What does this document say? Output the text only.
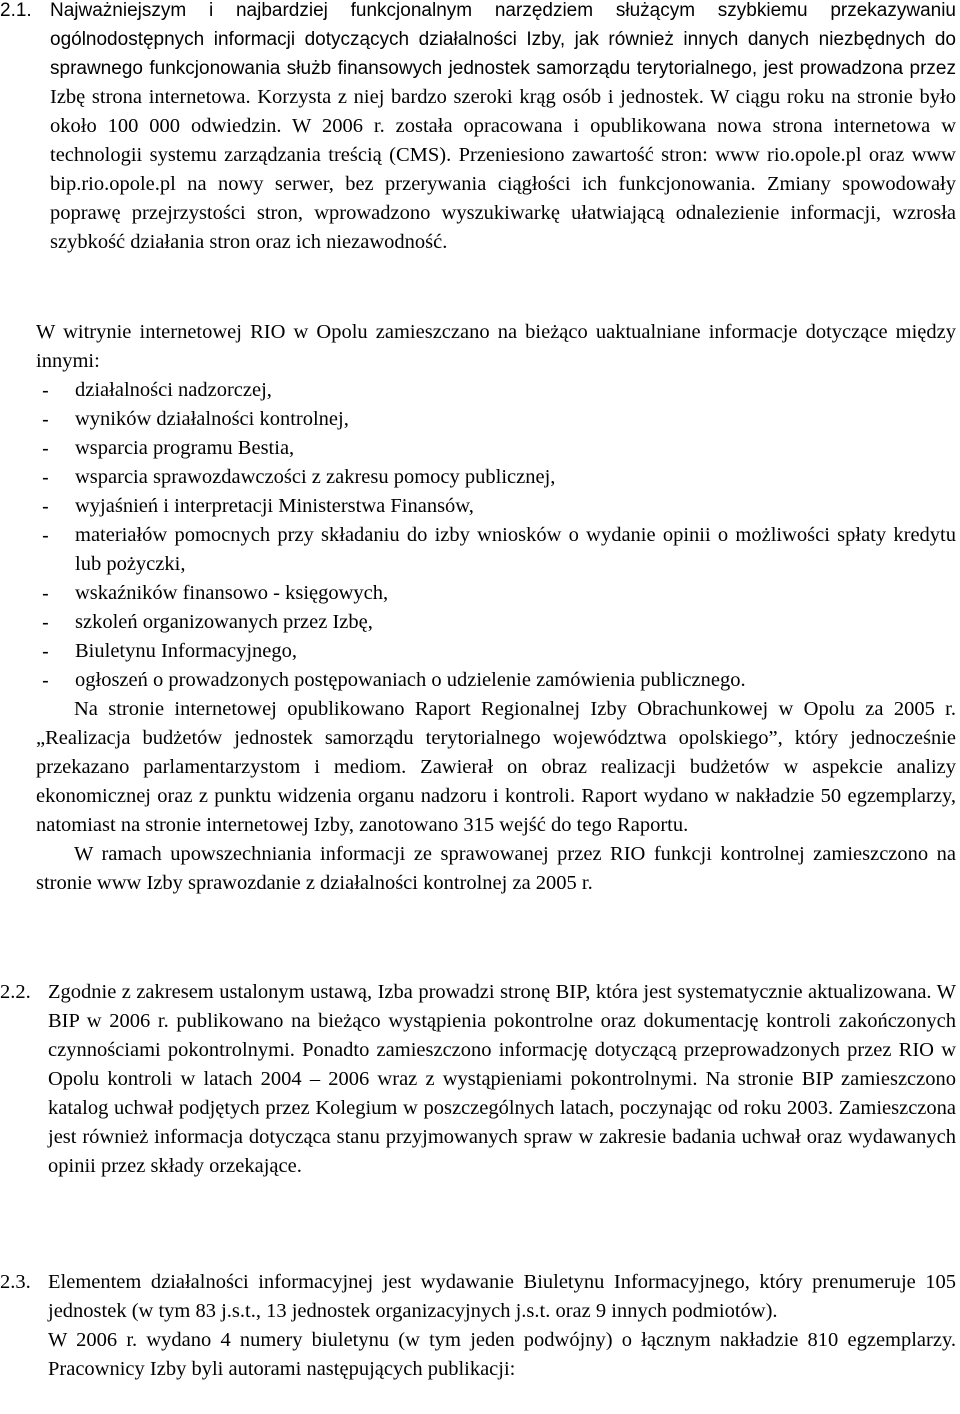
2.1. Najważniejszym i najbardziej funkcjonalnym narzędziem służącym szybkiemu przekazywaniu ogólnodostępnych informacji dotyczących działalności Izby, jak również innych danych niezbędnych do sprawnego funkcjonowania służb finansowych jednostek samorządu terytorialnego, jest prowadzona przez Izbę strona internetowa. Korzysta z niej bardzo szeroki krąg osób i jednostek. W ciągu roku na stronie było około 100 000 odwiedzin. W 2006 r. została opracowana i opublikowana nowa strona internetowa w technologii systemu zarządzania treścią (CMS). Przeniesiono zawartość stron: www rio.opole.pl oraz www bip.rio.opole.pl na nowy serwer, bez przerywania ciągłości ich funkcjonowania. Zmiany spowodowały poprawę przejrzystości stron, wprowadzono wyszukiwarkę ułatwiającą odnalezienie informacji, wzrosła szybkość działania stron oraz ich niezawodność.

W witrynie internetowej RIO w Opolu zamieszczano na bieżąco uaktualniane informacje dotyczące między innymi:

- działalności nadzorczej,
- wyników działalności kontrolnej,
- wsparcia programu Bestia,
- wsparcia sprawozdawczości z zakresu pomocy publicznej,
- wyjaśnień i interpretacji Ministerstwa Finansów,
- materiałów pomocnych przy składaniu do izby wniosków o wydanie opinii o możliwości spłaty kredytu lub pożyczki,
- wskaźników finansowo - księgowych,
- szkoleń organizowanych przez Izbę,
- Biuletynu Informacyjnego,
- ogłoszeń o prowadzonych postępowaniach o udzielenie zamówienia publicznego.

Na stronie internetowej opublikowano Raport Regionalnej Izby Obrachunkowej w Opolu za 2005 r. „Realizacja budżetów jednostek samorządu terytorialnego województwa opolskiego”, który jednocześnie przekazano parlamentarzystom i mediom. Zawierał on obraz realizacji budżetów w aspekcie analizy ekonomicznej oraz z punktu widzenia organu nadzoru i kontroli. Raport wydano w nakładzie 50 egzemplarzy, natomiast na stronie internetowej Izby, zanotowano 315 wejść do tego Raportu.

W ramach upowszechniania informacji ze sprawowanej przez RIO funkcji kontrolnej zamieszczono na stronie www Izby sprawozdanie z działalności kontrolnej za 2005 r.

2.2. Zgodnie z zakresem ustalonym ustawą, Izba prowadzi stronę BIP, która jest systematycznie aktualizowana. W BIP w 2006 r. publikowano na bieżąco wystąpienia pokontrolne oraz dokumentację kontroli zakończonych czynnościami pokontrolnymi. Ponadto zamieszczono informację dotyczącą przeprowadzonych przez RIO w Opolu kontroli w latach 2004 – 2006 wraz z wystąpieniami pokontrolnymi. Na stronie BIP zamieszczono katalog uchwał podjętych przez Kolegium w poszczególnych latach, poczynając od roku 2003. Zamieszczona jest również informacja dotycząca stanu przyjmowanych spraw w zakresie badania uchwał oraz wydawanych opinii przez składy orzekające.

2.3. Elementem działalności informacyjnej jest wydawanie Biuletynu Informacyjnego, który prenumeruje 105 jednostek (w tym 83 j.s.t., 13 jednostek organizacyjnych j.s.t. oraz 9 innych podmiotów).

W 2006 r. wydano 4 numery biuletynu (w tym jeden podwójny) o łącznym nakładzie 810 egzemplarzy. Pracownicy Izby byli autorami następujących publikacji:
